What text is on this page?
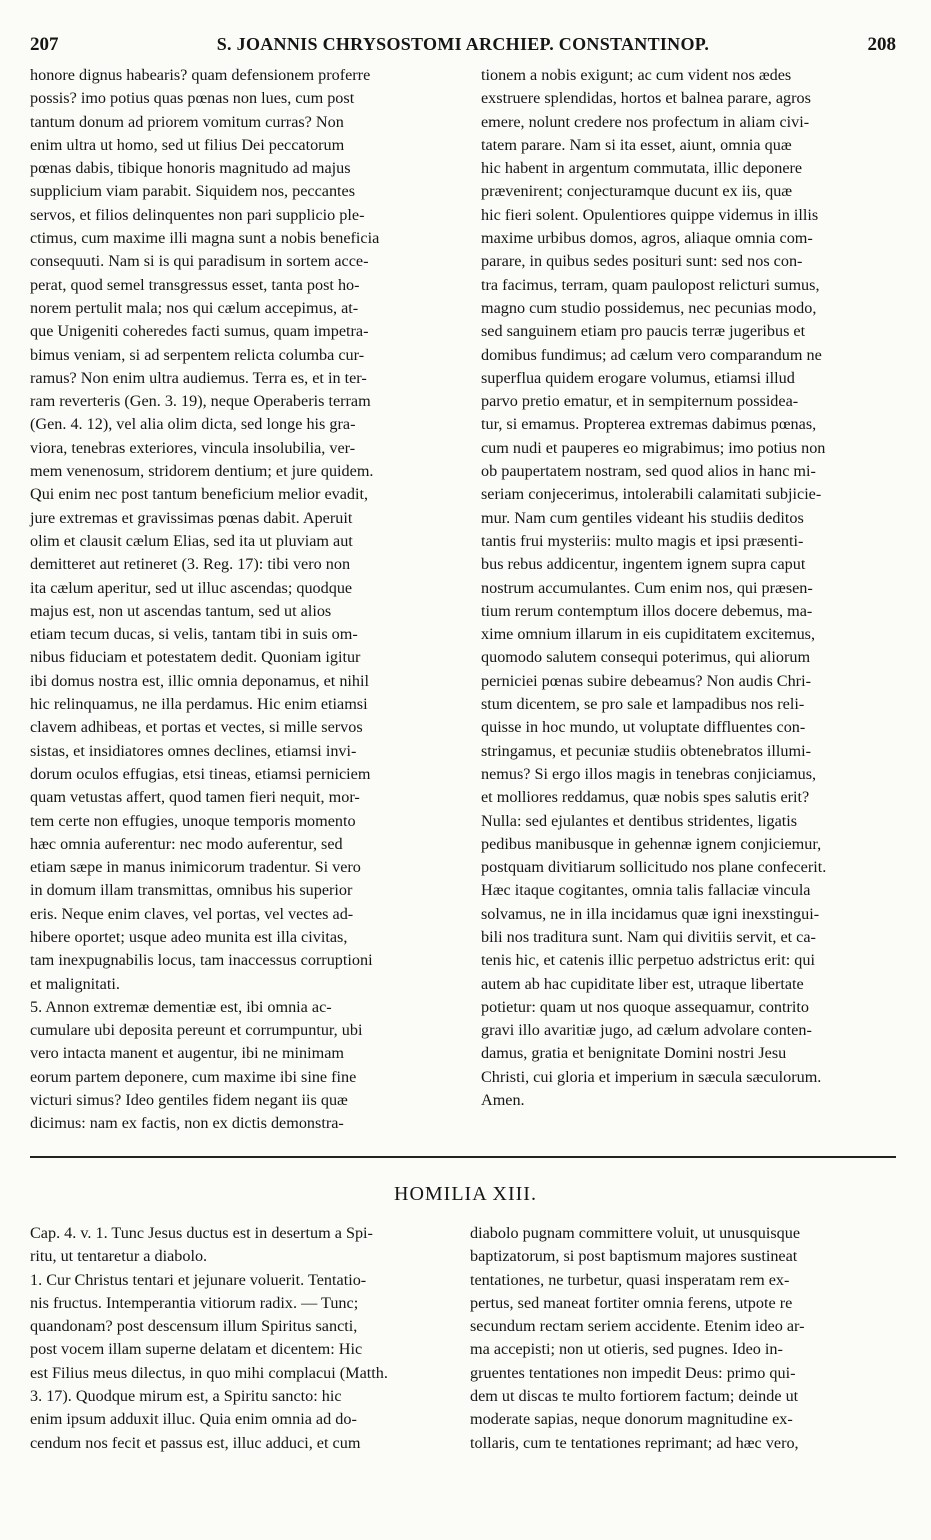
207	S. JOANNIS CHRYSOSTOMI ARCHIEP. CONSTANTINOP.	208
honore dignus habearis? quam defensionem proferre
possis? imo potius quas pœnas non lues, cum post
tantum donum ad priorem vomitum curras? Non
enim ultra ut homo, sed ut filius Dei peccatorum
pœnas dabis, tibique honoris magnitudo ad majus
supplicium viam parabit. Siquidem nos, peccantes
servos, et filios delinquentes non pari supplicio ple-
ctimus, cum maxime illi magna sunt a nobis beneficia
consequuti. Nam si is qui paradisum in sortem acce-
perat, quod semel transgressus esset, tanta post ho-
norem pertulit mala; nos qui cælum accepimus, at-
que Unigeniti coheredes facti sumus, quam impetra-
bimus veniam, si ad serpentem relicta columba cur-
ramus? Non enim ultra audiemus. Terra es, et in ter-
ram reverteris (Gen. 3. 19), neque Operaberis terram
(Gen. 4. 12), vel alia olim dicta, sed longe his gra-
viora, tenebras exteriores, vincula insolubilia, ver-
mem venenosum, stridorem dentium; et jure quidem.
Qui enim nec post tantum beneficium melior evadit,
jure extremas et gravissimas pœnas dabit. Aperuit
olim et clausit cælum Elias, sed ita ut pluviam aut
demitteret aut retineret (3. Reg. 17): tibi vero non
ita cælum aperitur, sed ut illuc ascendas; quodque
majus est, non ut ascendas tantum, sed ut alios
etiam tecum ducas, si velis, tantam tibi in suis om-
nibus fiduciam et potestatem dedit. Quoniam igitur
ibi domus nostra est, illic omnia deponamus, et nihil
hic relinquamus, ne illa perdamus. Hic enim etiamsi
clavem adhibeas, et portas et vectes, si mille servos
sistas, et insidiatores omnes declines, etiamsi invi-
dorum oculos effugias, etsi tineas, etiamsi perniciem
quam vetustas affert, quod tamen fieri nequit, mor-
tem certe non effugies, unoque temporis momento
hæc omnia auferentur: nec modo auferentur, sed
etiam sæpe in manus inimicorum tradentur. Si vero
in domum illam transmittas, omnibus his superior
eris. Neque enim claves, vel portas, vel vectes ad-
hibere oportet; usque adeo munita est illa civitas,
tam inexpugnabilis locus, tam inaccessus corruptioni
et malignitati.
5. Annon extremæ dementiæ est, ibi omnia ac-
cumulare ubi deposita pereunt et corrumpuntur, ubi
vero intacta manent et augentur, ibi ne minimam
eorum partem deponere, cum maxime ibi sine fine
victuri simus? Ideo gentiles fidem negant iis quæ
dicimus: nam ex factis, non ex dictis demonstra-
tionem a nobis exigunt; ac cum vident nos ædes
exstruere splendidas, hortos et balnea parare, agros
emere, nolunt credere nos profectum in aliam civi-
tatem parare. Nam si ita esset, aiunt, omnia quæ
hic habent in argentum commutata, illic deponere
prævenirent; conjecturamque ducunt ex iis, quæ
hic fieri solent. Opulentiores quippe videmus in illis
maxime urbibus domos, agros, aliaque omnia com-
parare, in quibus sedes posituri sunt: sed nos con-
tra facimus, terram, quam paulopost relicturi sumus,
magno cum studio possidemus, nec pecunias modo,
sed sanguinem etiam pro paucis terræ jugeribus et
domibus fundimus; ad cælum vero comparandum ne
superflua quidem erogare volumus, etiamsi illud
parvo pretio ematur, et in sempiternum possidea-
tur, si emamus. Propterea extremas dabimus pœnas,
cum nudi et pauperes eo migrabimus; imo potius non
ob paupertatem nostram, sed quod alios in hanc mi-
seriam conjecerimus, intolerabili calamitati subjicie-
mur. Nam cum gentiles videant his studiis deditos
tantis frui mysteriis: multo magis et ipsi præsenti-
bus rebus addicentur, ingentem ignem supra caput
nostrum accumulantes. Cum enim nos, qui præsen-
tium rerum contemptum illos docere debemus, ma-
xime omnium illarum in eis cupiditatem excitemus,
quomodo salutem consequi poterimus, qui aliorum
perniciei pœnas subire debeamus? Non audis Chri-
stum dicentem, se pro sale et lampadibus nos reli-
quisse in hoc mundo, ut voluptate diffluentes con-
stringamus, et pecuniæ studiis obtenebratos illumi-
nemus? Si ergo illos magis in tenebras conjiciamus,
et molliores reddamus, quæ nobis spes salutis erit?
Nulla: sed ejulantes et dentibus stridentes, ligatis
pedibus manibusque in gehennæ ignem conjiciemur,
postquam divitiarum sollicitudo nos plane confecerit.
Hæc itaque cogitantes, omnia talis fallaciæ vincula
solvamus, ne in illa incidamus quæ igni inexstingui-
bili nos traditura sunt. Nam qui divitiis servit, et ca-
tenis hic, et catenis illic perpetuo adstrictus erit: qui
autem ab hac cupiditate liber est, utraque libertate
potietur: quam ut nos quoque assequamur, contrito
gravi illo avaritiæ jugo, ad cælum advolare conten-
damus, gratia et benignitate Domini nostri Jesu
Christi, cui gloria et imperium in sæcula sæculorum.
Amen.
HOMILIA XIII.
Cap. 4. v. 1. Tunc Jesus ductus est in desertum a Spi-
ritu, ut tentaretur a diabolo.
1. Cur Christus tentari et jejunare voluerit. Tentatio-
nis fructus. Intemperantia vitiorum radix. — Tunc;
quandonam? post descensum illum Spiritus sancti,
post vocem illam superne delatam et dicentem: Hic
est Filius meus dilectus, in quo mihi complacui (Matth.
3. 17). Quodque mirum est, a Spiritu sancto: hic
enim ipsum adduxit illuc. Quia enim omnia ad do-
cendum nos fecit et passus est, illuc adduci, et cum
diabolo pugnam committere voluit, ut unusquisque
baptizatorum, si post baptismum majores sustineat
tentationes, ne turbetur, quasi insperatam rem ex-
pertus, sed maneat fortiter omnia ferens, utpote re
secundum rectam seriem accidente. Etenim ideo ar-
ma accepisti; non ut otieris, sed pugnes. Ideo in-
gruentes tentationes non impedit Deus: primo qui-
dem ut discas te multo fortiorem factum; deinde ut
moderate sapias, neque donorum magnitudine ex-
tollaris, cum te tentationes reprimant; ad hæc vero,
